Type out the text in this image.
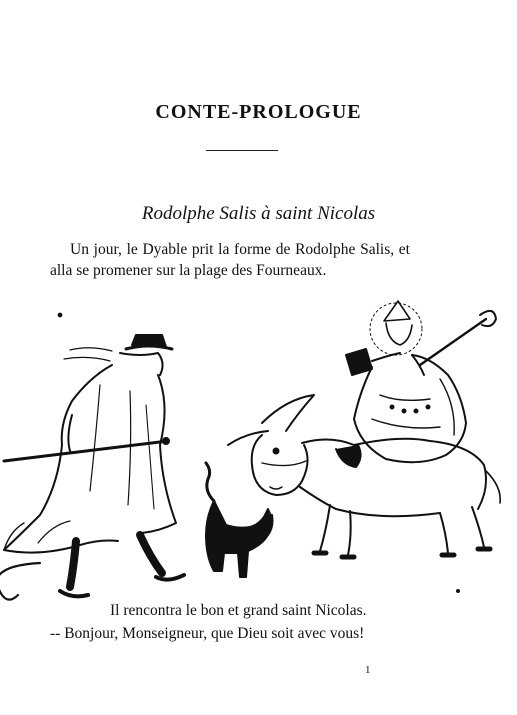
CONTE-PROLOGUE
Rodolphe Salis à saint Nicolas
Un jour, le Dyable prit la forme de Rodolphe Salis, et alla se promener sur la plage des Fourneaux.
Il rencontra le bon et grand saint Nicolas.
-- Bonjour, Monseigneur, que Dieu soit avec vous!
1
